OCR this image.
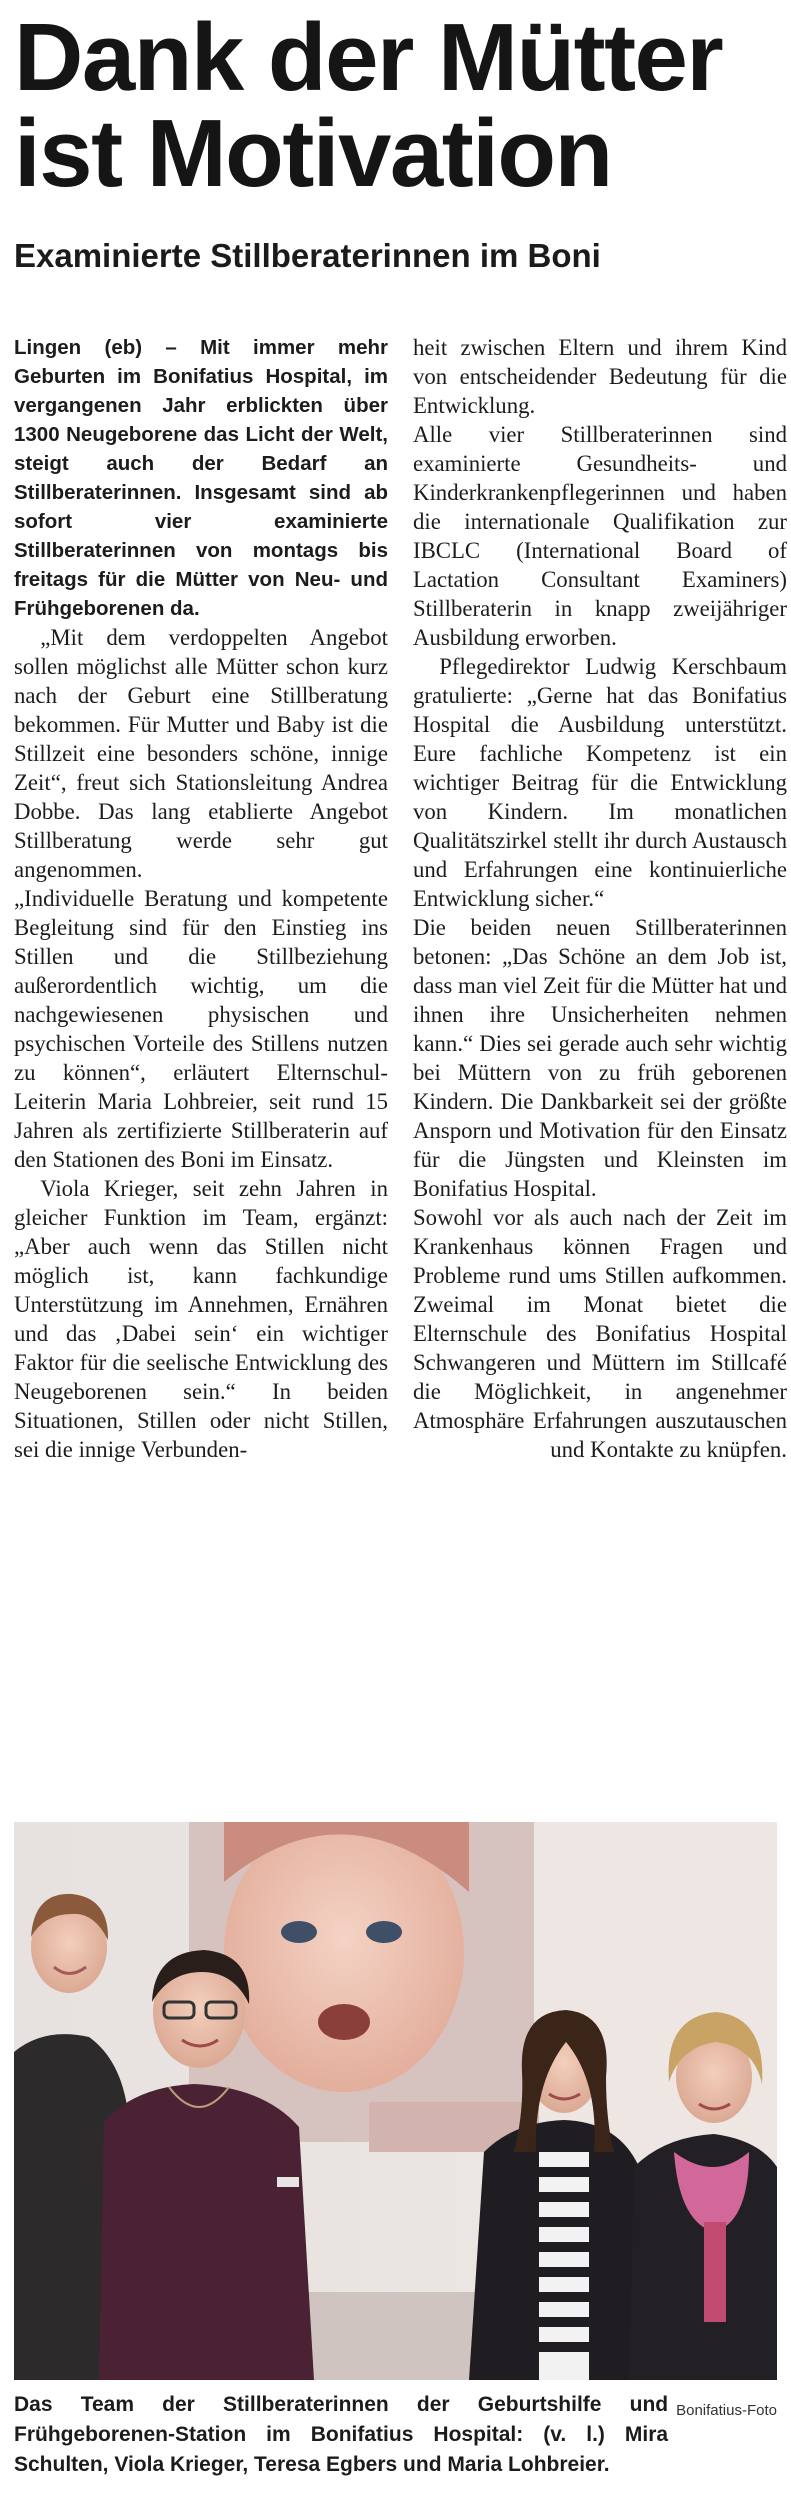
Dank der Mütter
ist Motivation
Examinierte Stillberaterinnen im Boni

Lingen (eb) – Mit immer mehr Geburten im Bonifatius Hospital, im vergangenen Jahr erblickten über 1300 Neugeborene das Licht der Welt, steigt auch der Bedarf an Stillberaterinnen. Insgesamt sind ab sofort vier examinierte Stillberaterinnen von montags bis freitags für die Mütter von Neu- und Frühgeborenen da.

„Mit dem verdoppelten Angebot sollen möglichst alle Mütter schon kurz nach der Geburt eine Stillberatung bekommen. Für Mutter und Baby ist die Stillzeit eine besonders schöne, innige Zeit“, freut sich Stationsleitung Andrea Dobbe. Das lang etablierte Angebot Stillberatung werde sehr gut angenommen.

„Individuelle Beratung und kompetente Begleitung sind für den Einstieg ins Stillen und die Stillbeziehung außerordentlich wichtig, um die nachgewiesenen physischen und psychischen Vorteile des Stillens nutzen zu können“, erläutert Elternschul-Leiterin Maria Lohbreier, seit rund 15 Jahren als zertifizierte Stillberaterin auf den Stationen des Boni im Einsatz.

Viola Krieger, seit zehn Jahren in gleicher Funktion im Team, ergänzt: „Aber auch wenn das Stillen nicht möglich ist, kann fachkundige Unterstützung im Annehmen, Ernähren und das ‚Dabei sein‘ ein wichtiger Faktor für die seelische Entwicklung des Neugeborenen sein.“ In beiden Situationen, Stillen oder nicht Stillen, sei die innige Verbunden-

heit zwischen Eltern und ihrem Kind von entscheidender Bedeutung für die Entwicklung.

Alle vier Stillberaterinnen sind examinierte Gesundheits- und Kinderkrankenpflegerinnen und haben die internationale Qualifikation zur IBCLC (International Board of Lactation Consultant Examiners) Stillberaterin in knapp zweijähriger Ausbildung erworben.

Pflegedirektor Ludwig Kerschbaum gratulierte: „Gerne hat das Bonifatius Hospital die Ausbildung unterstützt. Eure fachliche Kompetenz ist ein wichtiger Beitrag für die Entwicklung von Kindern. Im monatlichen Qualitätszirkel stellt ihr durch Austausch und Erfahrungen eine kontinuierliche Entwicklung sicher.“

Die beiden neuen Stillberaterinnen betonen: „Das Schöne an dem Job ist, dass man viel Zeit für die Mütter hat und ihnen ihre Unsicherheiten nehmen kann.“ Dies sei gerade auch sehr wichtig bei Müttern von zu früh geborenen Kindern. Die Dankbarkeit sei der größte Ansporn und Motivation für den Einsatz für die Jüngsten und Kleinsten im Bonifatius Hospital.

Sowohl vor als auch nach der Zeit im Krankenhaus können Fragen und Probleme rund ums Stillen aufkommen. Zweimal im Monat bietet die Elternschule des Bonifatius Hospital Schwangeren und Müttern im Stillcafé die Möglichkeit, in angenehmer Atmosphäre Erfahrungen auszutauschen und Kontakte zu knüpfen.

Bonifatius-Foto
Das Team der Stillberaterinnen der Geburtshilfe und Frühgeborenen-Station im Bonifatius Hospital: (v. l.) Mira Schulten, Viola Krieger, Teresa Egbers und Maria Lohbreier.
